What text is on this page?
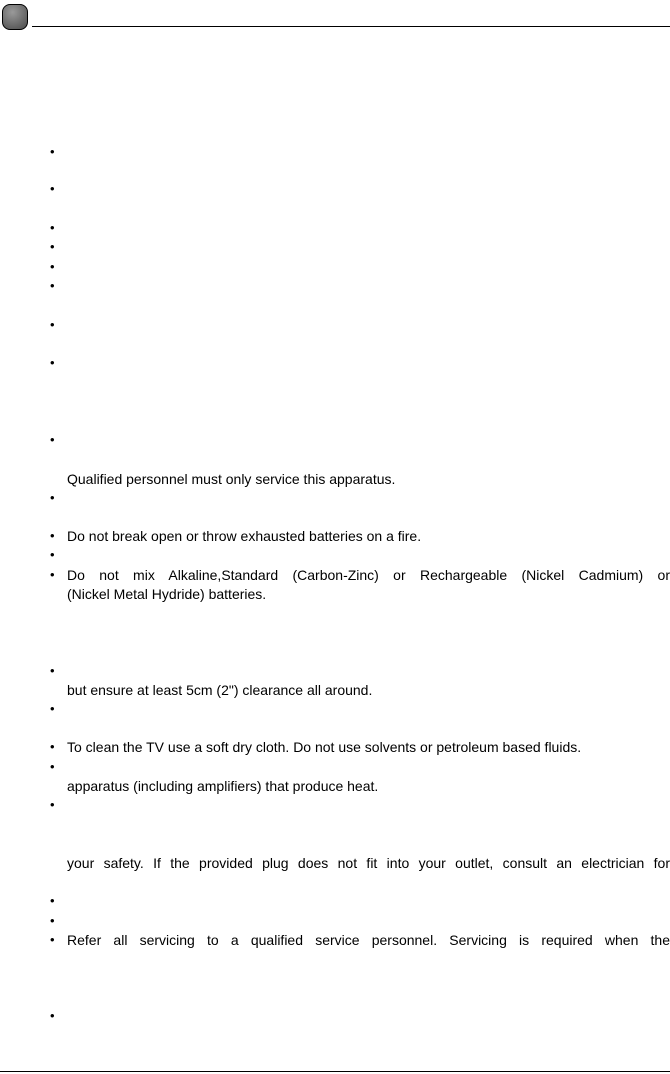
•
•
•
•
•
•
•
•
•
Qualified personnel must only service this apparatus.
•
• Do not break open or throw exhausted batteries on a fire.
•
• Do not mix Alkaline,Standard (Carbon-Zinc) or Rechargeable (Nickel Cadmium) or
(Nickel Metal Hydride) batteries.
•
but ensure at least 5cm (2") clearance all around.
•
• To clean the TV use a soft dry cloth. Do not use solvents or petroleum based fluids.
•
apparatus (including amplifiers) that produce heat.
•
your safety. If the provided plug does not fit into your outlet, consult an electrician for
•
•
• Refer all servicing to a qualified service personnel. Servicing is required when the
•
